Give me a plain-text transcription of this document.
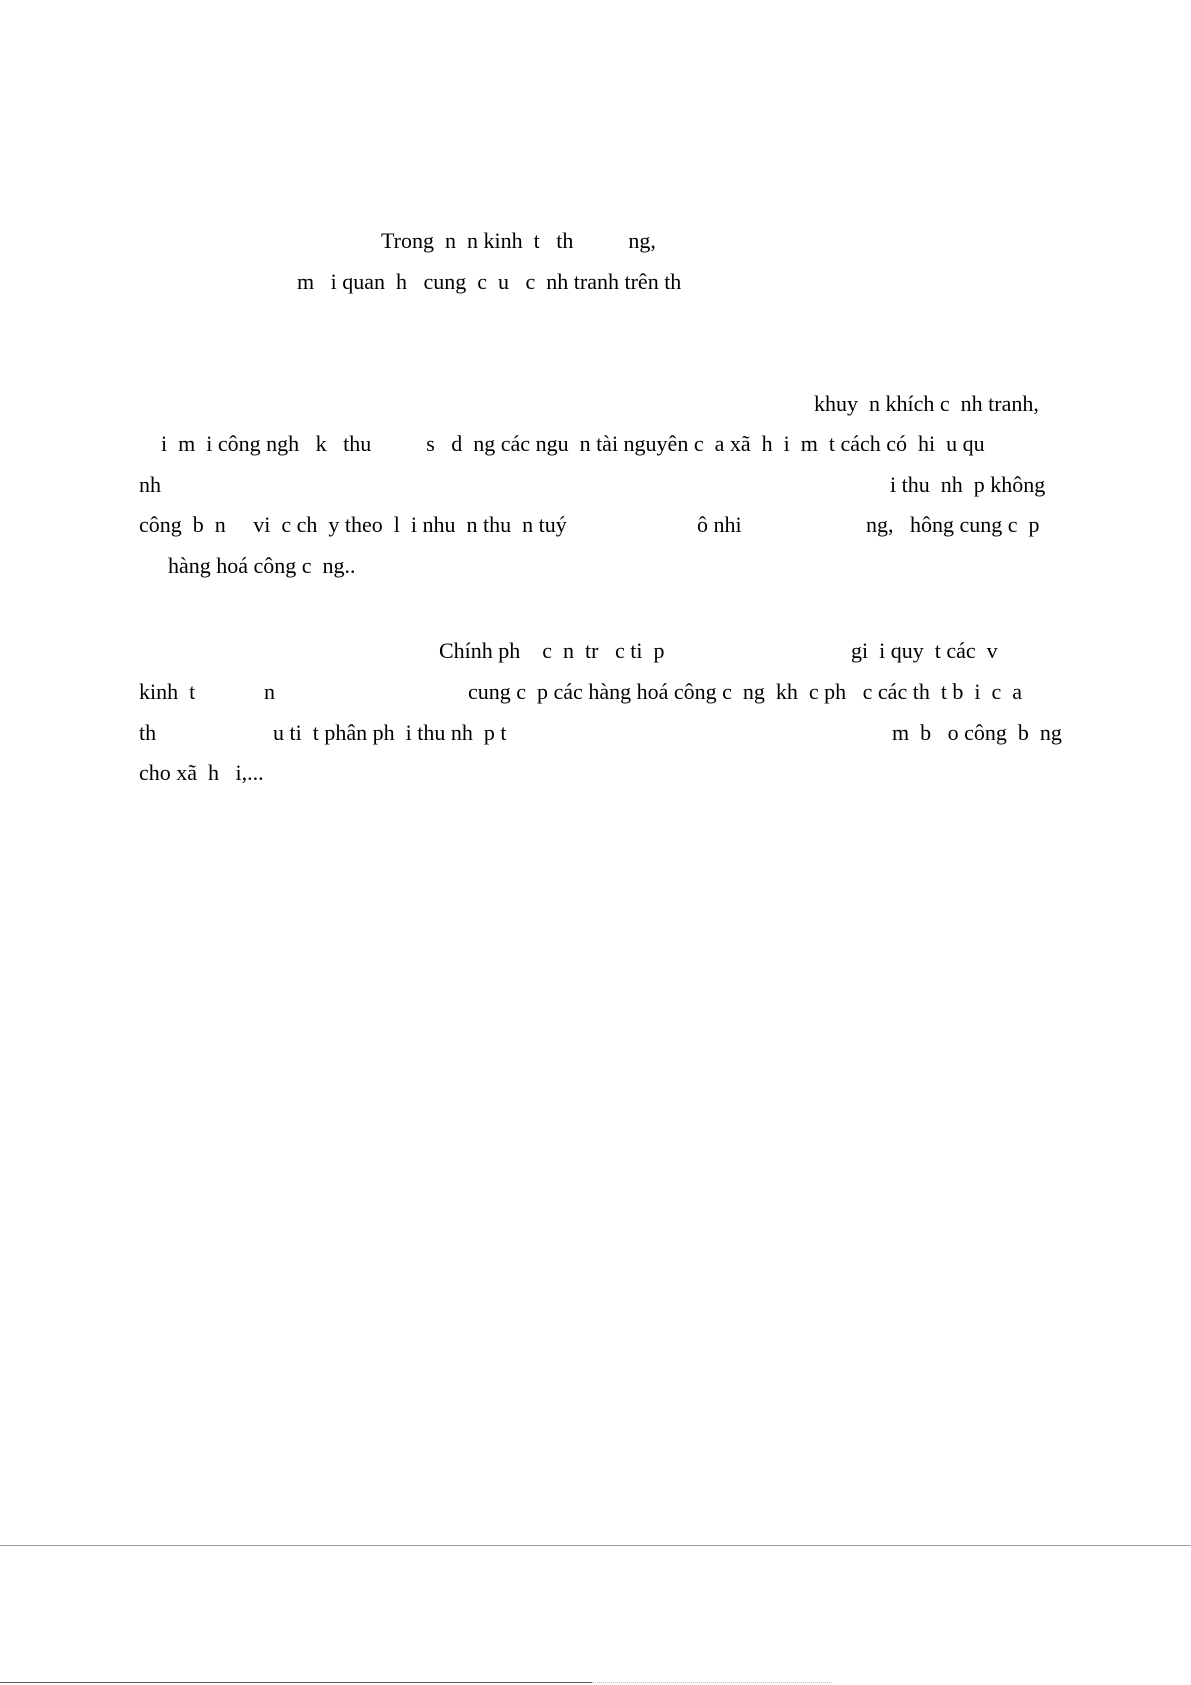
Trong  n  n kinh  t   th          ng,
m   i quan  h   cung  c  u   c  nh tranh trên th
khuy  n khích c  nh tranh,
i  m  i công ngh   k   thu          s   d  ng các ngu  n tài nguyên c  a xã  h  i  m  t cách có  hi  u qu
nh	i thu  nh  p không
công  b  n     vi  c ch  y theo  l  i nhu  n thu  n tuý	ô nhi	ng,   hông cung c  p
hàng hoá công c  ng..
Chính ph    c  n  tr   c ti  p	gi  i quy  t các  v
kinh  t	n	cung c  p các hàng hoá công c  ng  kh  c ph   c các th  t b  i  c  a
th	u ti  t phân ph  i thu nh  p t	m  b   o công  b  ng
cho xã  h   i,...
